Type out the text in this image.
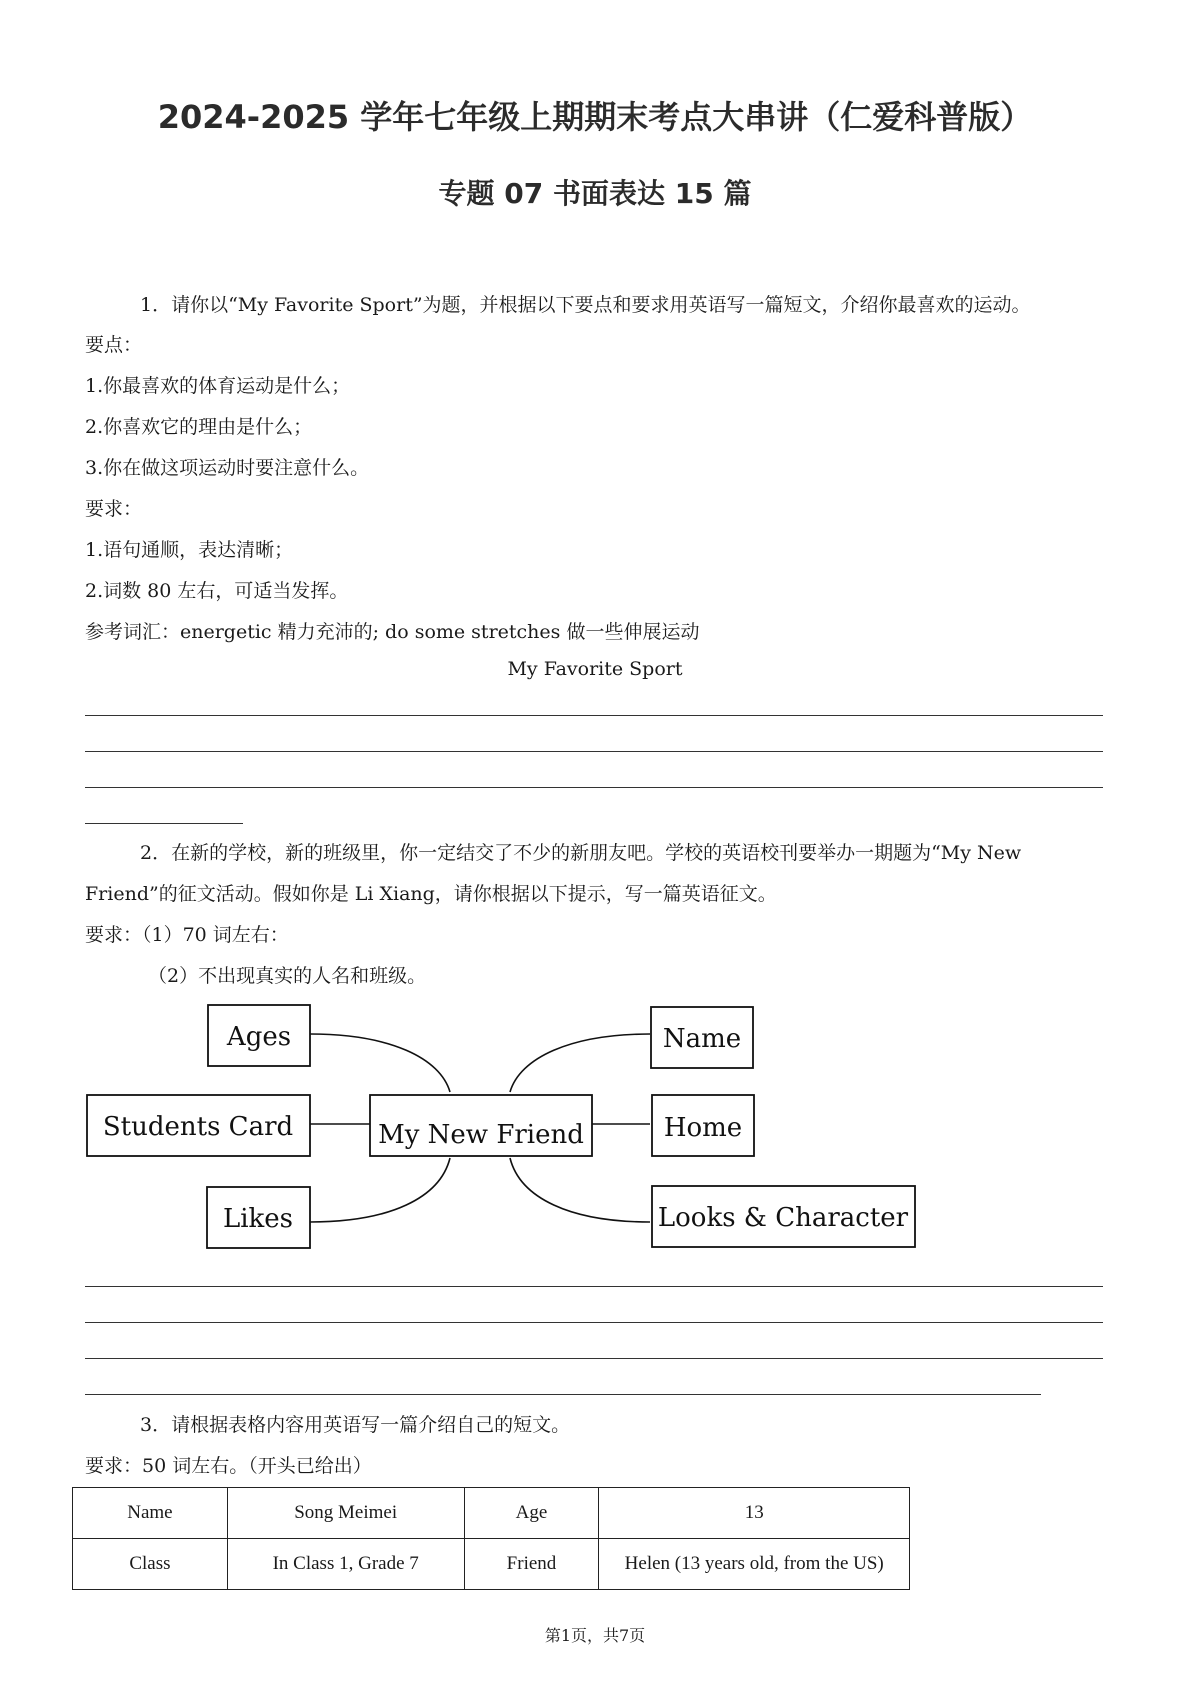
2024-2025 学年七年级上期期末考点大串讲（仁爱科普版）
专题 07 书面表达 15 篇
1．请你以“My Favorite Sport”为题，并根据以下要点和要求用英语写一篇短文，介绍你最喜欢的运动。
要点：
1.你最喜欢的体育运动是什么；
2.你喜欢它的理由是什么；
3.你在做这项运动时要注意什么。
要求：
1.语句通顺，表达清晰；
2.词数 80 左右，可适当发挥。
参考词汇：energetic 精力充沛的; do some stretches 做一些伸展运动
My Favorite Sport
2．在新的学校，新的班级里，你一定结交了不少的新朋友吧。学校的英语校刊要举办一期题为“My New
Friend”的征文活动。假如你是 Li Xiang，请你根据以下提示，写一篇英语征文。
要求：（1）70 词左右：
（2）不出现真实的人名和班级。
Ages
Students Card
Likes
My New Friend
Name
Home
Looks & Character
3．请根据表格内容用英语写一篇介绍自己的短文。
要求：50 词左右。（开头已给出）
Name	Song Meimei	Age	13
Class	In Class 1, Grade 7	Friend	Helen (13 years old, from the US)
第1页，共7页
